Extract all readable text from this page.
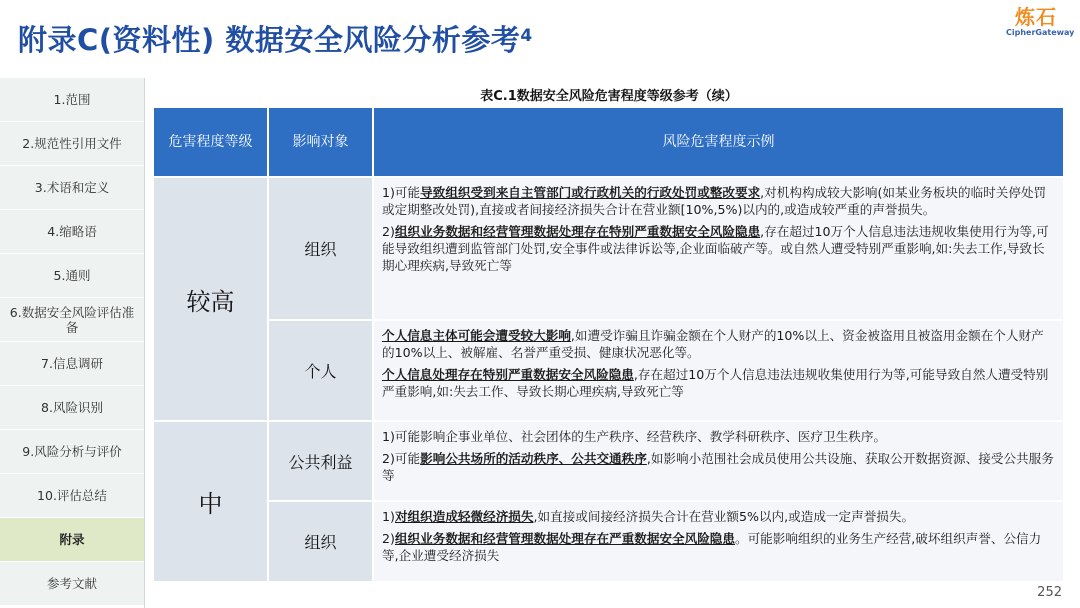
附录C(资料性) 数据安全风险分析参考$^4$
炼石
CipherGateway
1.范围
2.规范性引用文件
3.术语和定义
4.缩略语
5.通则
6.数据安全风险评估准备
7.信息调研
8.风险识别
9.风险分析与评价
10.评估总结
附录
参考文献
表C.1数据安全风险危害程度等级参考（续）
危害程度等级	影响对象	风险危害程度示例
较高
组织

1)可能导致组织受到来自主管部门或行政机关的行政处罚或整改要求,对机构构成较大影响(如某业务板块的临时关停处罚或定期整改处罚),直接或者间接经济损失合计在营业额[10%,5%)以内的,或造成较严重的声誉损失。

2)组织业务数据和经营管理数据处理存在特别严重数据安全风险隐患,存在超过10万个人信息违法违规收集使用行为等,可能导致组织遭到监管部门处罚,安全事件或法律诉讼等,企业面临破产等。或自然人遭受特别严重影响,如:失去工作,导致长期心理疾病,导致死亡等

个人

个人信息主体可能会遭受较大影响,如遭受诈骗且诈骗金额在个人财产的10%以上、资金被盗用且被盗用金额在个人财产的10%以上、被解雇、名誉严重受损、健康状况恶化等。

个人信息处理存在特别严重数据安全风险隐患,存在超过10万个人信息违法违规收集使用行为等,可能导致自然人遭受特别严重影响,如:失去工作、导致长期心理疾病,导致死亡等

中
公共利益

1)可能影响企事业单位、社会团体的生产秩序、经营秩序、教学科研秩序、医疗卫生秩序。

2)可能影响公共场所的活动秩序、公共交通秩序,如影响小范围社会成员使用公共设施、获取公开数据资源、接受公共服务等

组织

1)对组织造成轻微经济损失,如直接或间接经济损失合计在营业额5%以内,或造成一定声誉损失。

2)组织业务数据和经营管理数据处理存在严重数据安全风险隐患。可能影响组织的业务生产经营,破坏组织声誉、公信力等,企业遭受经济损失

252
